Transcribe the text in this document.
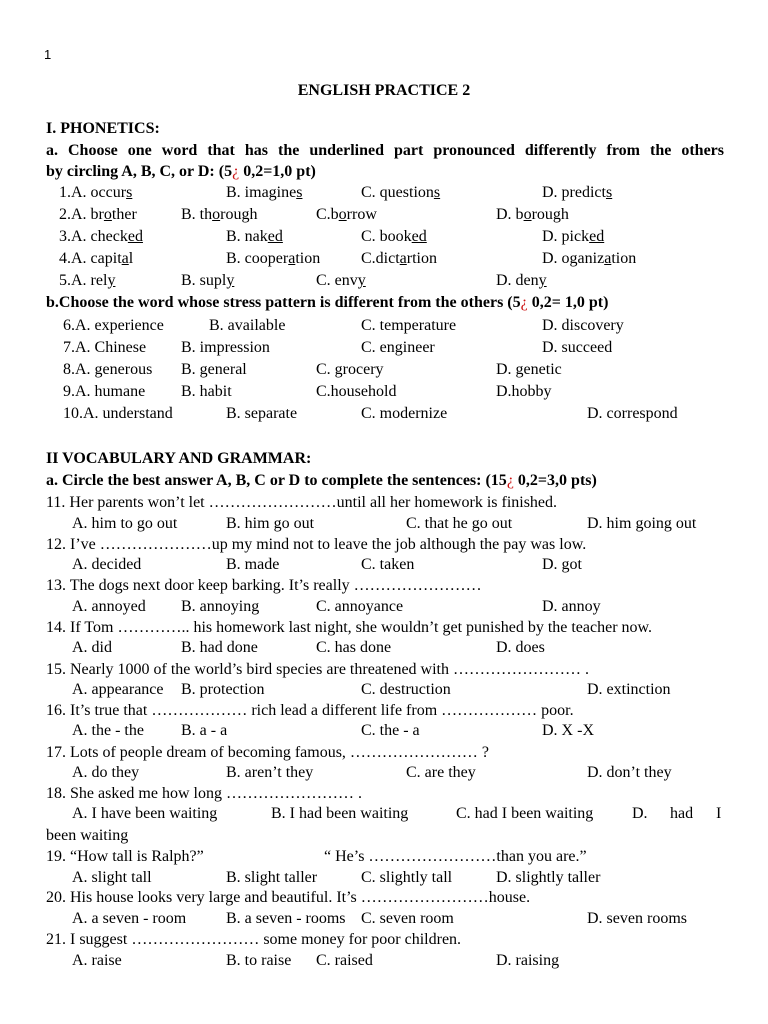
1
ENGLISH PRACTICE 2
I. PHONETICS:
a. Choose one word that has the underlined part pronounced differently from the others
by circling A, B, C, or D: (5¿ 0,2=1,0 pt)
1.A. occurs	B. imagines	C. questions	D. predicts
2.A. brother	B. thorough	C.borrow	D. borough
3.A. checked	B. naked	C. booked	D. picked
4.A. capital	B. cooperation	C.dictartion	D. oganization
5.A. rely	B. suply	C. envy	D. deny
b.Choose the word whose stress pattern is different from the others (5¿ 0,2= 1,0 pt)
6.A. experience	B. available	C. temperature	D. discovery
7.A. Chinese B. impression	C. engineer	D. succeed
8.A. generous B. general	C. grocery	D. genetic
9.A. humane B. habit	C.household	D.hobby
10.A. understand	B. separate	C. modernize	D. correspond
II VOCABULARY AND GRAMMAR:
a. Circle the best answer A, B, C or D to complete the sentences: (15¿ 0,2=3,0 pts)
11. Her parents won’t let ……………………until all her homework is finished.
A. him to go out	B. him go out	C. that he go out	D. him going out
12. I’ve …………………up my mind not to leave the job although the pay was low.
A. decided	B. made	C. taken	D. got
13. The dogs next door keep barking. It’s really ……………………
A. annoyed B. annoying	C. annoyance	D. annoy
14. If Tom ………….. his homework last night, she wouldn’t get punished by the teacher now.
A. did	B. had done	C. has done	D. does
15. Nearly 1000 of the world’s bird species are threatened with …………………… .
A. appearance B. protection	C. destruction	D. extinction
16. It’s true that ……………… rich lead a different life from ……………… poor.
A. the - the B. a - a	C. the - a	D. X -X
17. Lots of people dream of becoming famous, …………………… ?
A. do they	B. aren’t they	C. are they	D. don’t they
18. She asked me how long …………………… .
A. I have been waiting	B. I had been waiting	C. had I been waiting D. had I
been waiting
19. “How tall is Ralph?”	“ He’s ……………………than you are.”
A. slight tall	B. slight taller	C. slightly tall	D. slightly taller
20. His house looks very large and beautiful. It’s ……………………house.
A. a seven - room B. a seven - rooms C. seven room	D. seven rooms
21. I suggest …………………… some money for poor children.
A. raise	B. to raise C. raised	D. raising
